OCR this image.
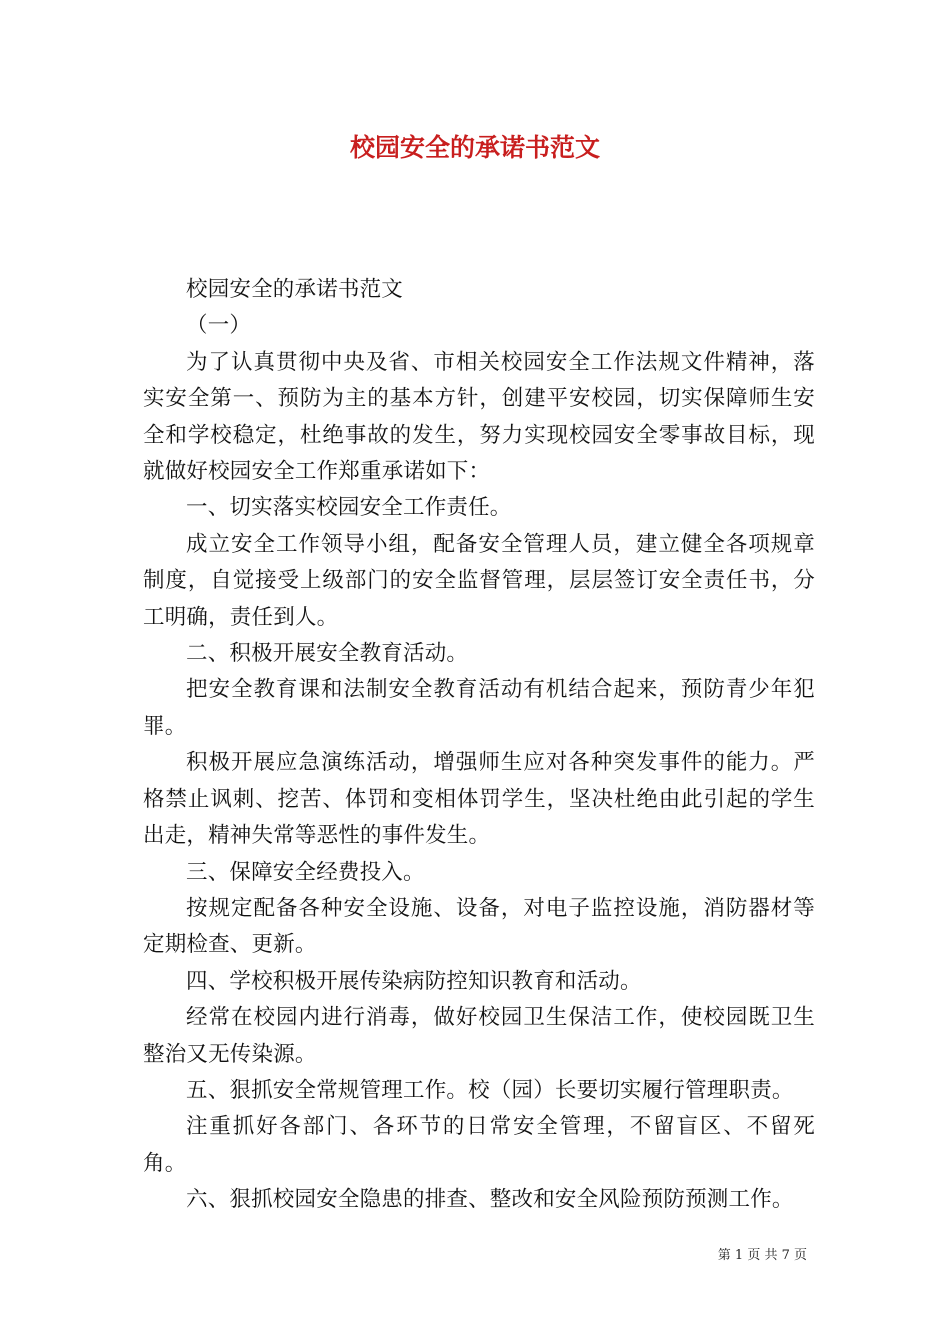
校园安全的承诺书范文

校园安全的承诺书范文

（一）

为了认真贯彻中央及省、市相关校园安全工作法规文件精神，落实安全第一、预防为主的基本方针，创建平安校园，切实保障师生安全和学校稳定，杜绝事故的发生，努力实现校园安全零事故目标，现就做好校园安全工作郑重承诺如下：

一、切实落实校园安全工作责任。

成立安全工作领导小组，配备安全管理人员，建立健全各项规章制度，自觉接受上级部门的安全监督管理，层层签订安全责任书，分工明确，责任到人。

二、积极开展安全教育活动。

把安全教育课和法制安全教育活动有机结合起来，预防青少年犯罪。

积极开展应急演练活动，增强师生应对各种突发事件的能力。严格禁止讽刺、挖苦、体罚和变相体罚学生，坚决杜绝由此引起的学生出走，精神失常等恶性的事件发生。

三、保障安全经费投入。

按规定配备各种安全设施、设备，对电子监控设施，消防器材等定期检查、更新。

四、学校积极开展传染病防控知识教育和活动。

经常在校园内进行消毒，做好校园卫生保洁工作，使校园既卫生整治又无传染源。

五、狠抓安全常规管理工作。校（园）长要切实履行管理职责。

注重抓好各部门、各环节的日常安全管理，不留盲区、不留死角。

六、狠抓校园安全隐患的排查、整改和安全风险预防预测工作。

第 1 页 共 7 页
